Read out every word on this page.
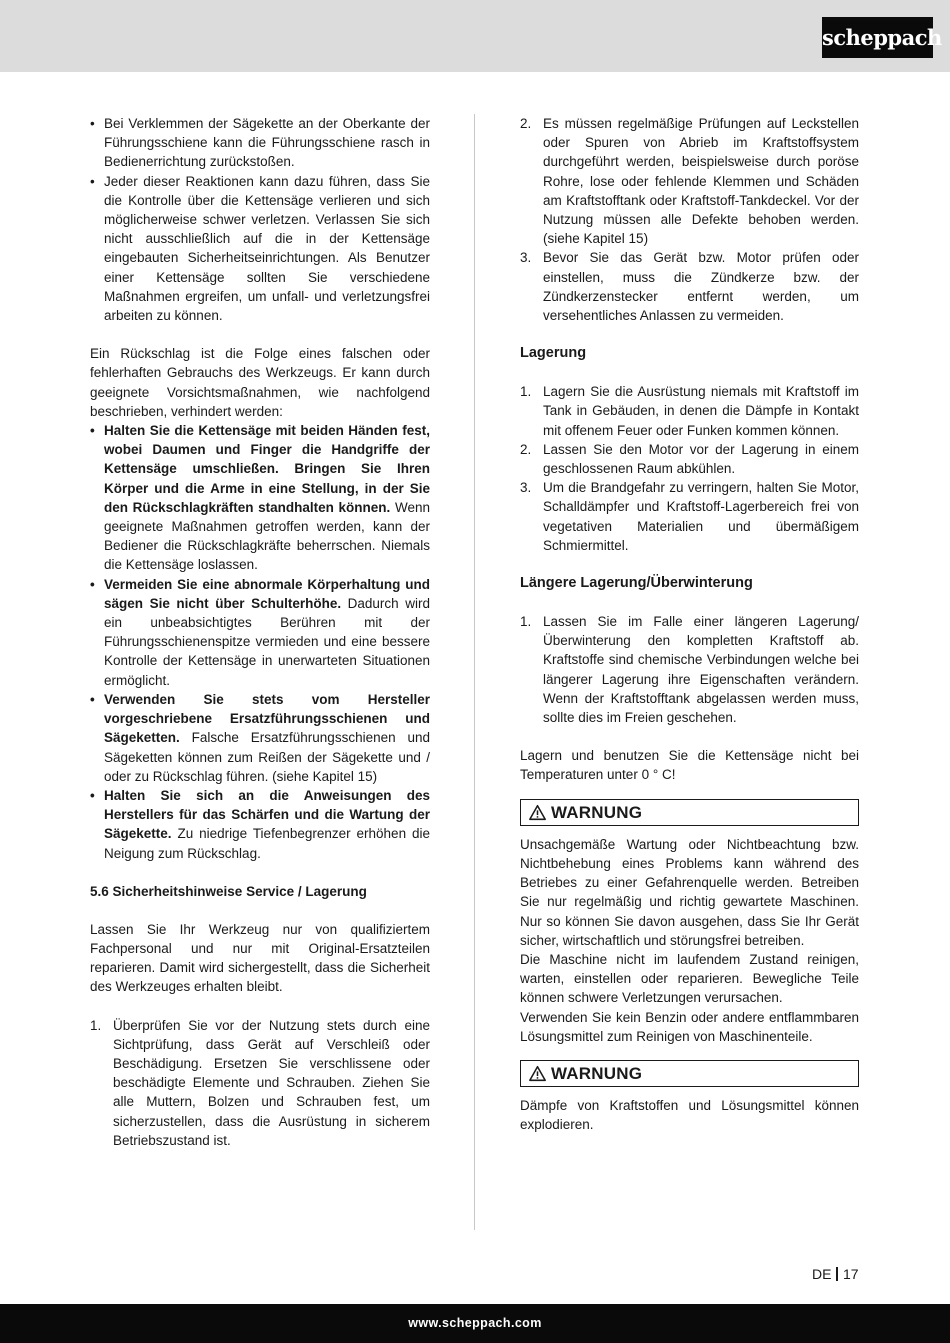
scheppach
• Bei Verklemmen der Sägekette an der Oberkante der Führungsschiene kann die Führungsschiene rasch in Bedienerrichtung zurückstoßen.
• Jeder dieser Reaktionen kann dazu führen, dass Sie die Kontrolle über die Kettensäge verlieren und sich möglicherweise schwer verletzen. Verlassen Sie sich nicht ausschließlich auf die in der Kettensäge eingebauten Sicherheitseinrichtungen. Als Benutzer einer Kettensäge sollten Sie verschiedene Maßnahmen ergreifen, um unfall- und verletzungsfrei arbeiten zu können.

Ein Rückschlag ist die Folge eines falschen oder fehlerhaften Gebrauchs des Werkzeugs. Er kann durch geeignete Vorsichtsmaßnahmen, wie nachfolgend beschrieben, verhindert werden:

• Halten Sie die Kettensäge mit beiden Händen fest, wobei Daumen und Finger die Handgriffe der Kettensäge umschließen. Bringen Sie Ihren Körper und die Arme in eine Stellung, in der Sie den Rückschlagkräften standhalten können. Wenn geeignete Maßnahmen getroffen werden, kann der Bediener die Rückschlagkräfte beherrschen. Niemals die Kettensäge loslassen.
• Vermeiden Sie eine abnormale Körperhaltung und sägen Sie nicht über Schulterhöhe. Dadurch wird ein unbeabsichtigtes Berühren mit der Führungsschienenspitze vermieden und eine bessere Kontrolle der Kettensäge in unerwarteten Situationen ermöglicht.
• Verwenden Sie stets vom Hersteller vorgeschriebene Ersatzführungsschienen und Sägeketten. Falsche Ersatzführungsschienen und Sägeketten können zum Reißen der Sägekette und / oder zu Rückschlag führen. (siehe Kapitel 15)
• Halten Sie sich an die Anweisungen des Herstellers für das Schärfen und die Wartung der Sägekette. Zu niedrige Tiefenbegrenzer erhöhen die Neigung zum Rückschlag.
5.6 Sicherheitshinweise Service / Lagerung

Lassen Sie Ihr Werkzeug nur von qualifiziertem Fachpersonal und nur mit Original-Ersatzteilen reparieren. Damit wird sichergestellt, dass die Sicherheit des Werkzeuges erhalten bleibt.

1. Überprüfen Sie vor der Nutzung stets durch eine Sichtprüfung, dass Gerät auf Verschleiß oder Beschädigung. Ersetzen Sie verschlissene oder beschädigte Elemente und Schrauben. Ziehen Sie alle Muttern, Bolzen und Schrauben fest, um sicherzustellen, dass die Ausrüstung in sicherem Betriebszustand ist.
2. Es müssen regelmäßige Prüfungen auf Leckstellen oder Spuren von Abrieb im Kraftstoffsystem durchgeführt werden, beispielsweise durch poröse Rohre, lose oder fehlende Klemmen und Schäden am Kraftstofftank oder Kraftstoff-Tankdeckel. Vor der Nutzung müssen alle Defekte behoben werden. (siehe Kapitel 15)
3. Bevor Sie das Gerät bzw. Motor prüfen oder einstellen, muss die Zündkerze bzw. der Zündkerzenstecker entfernt werden, um versehentliches Anlassen zu vermeiden.
Lagerung
1. Lagern Sie die Ausrüstung niemals mit Kraftstoff im Tank in Gebäuden, in denen die Dämpfe in Kontakt mit offenem Feuer oder Funken kommen können.
2. Lassen Sie den Motor vor der Lagerung in einem geschlossenen Raum abkühlen.
3. Um die Brandgefahr zu verringern, halten Sie Motor, Schalldämpfer und Kraftstoff-Lagerbereich frei von vegetativen Materialien und übermäßigem Schmiermittel.
Längere Lagerung/Überwinterung
1. Lassen Sie im Falle einer längeren Lagerung/ Überwinterung den kompletten Kraftstoff ab. Kraftstoffe sind chemische Verbindungen welche bei längerer Lagerung ihre Eigenschaften verändern. Wenn der Kraftstofftank abgelassen werden muss, sollte dies im Freien geschehen.

Lagern und benutzen Sie die Kettensäge nicht bei Temperaturen unter 0 ° C!

WARNUNG

Unsachgemäße Wartung oder Nichtbeachtung bzw. Nichtbehebung eines Problems kann während des Betriebes zu einer Gefahrenquelle werden. Betreiben Sie nur regelmäßig und richtig gewartete Maschinen. Nur so können Sie davon ausgehen, dass Sie Ihr Gerät sicher, wirtschaftlich und störungsfrei betreiben.

Die Maschine nicht im laufendem Zustand reinigen, warten, einstellen oder reparieren. Bewegliche Teile können schwere Verletzungen verursachen.

Verwenden Sie kein Benzin oder andere entflammbaren Lösungsmittel zum Reinigen von Maschinenteile.

WARNUNG

Dämpfe von Kraftstoffen und Lösungsmittel können explodieren.

DE 17
www.scheppach.com
